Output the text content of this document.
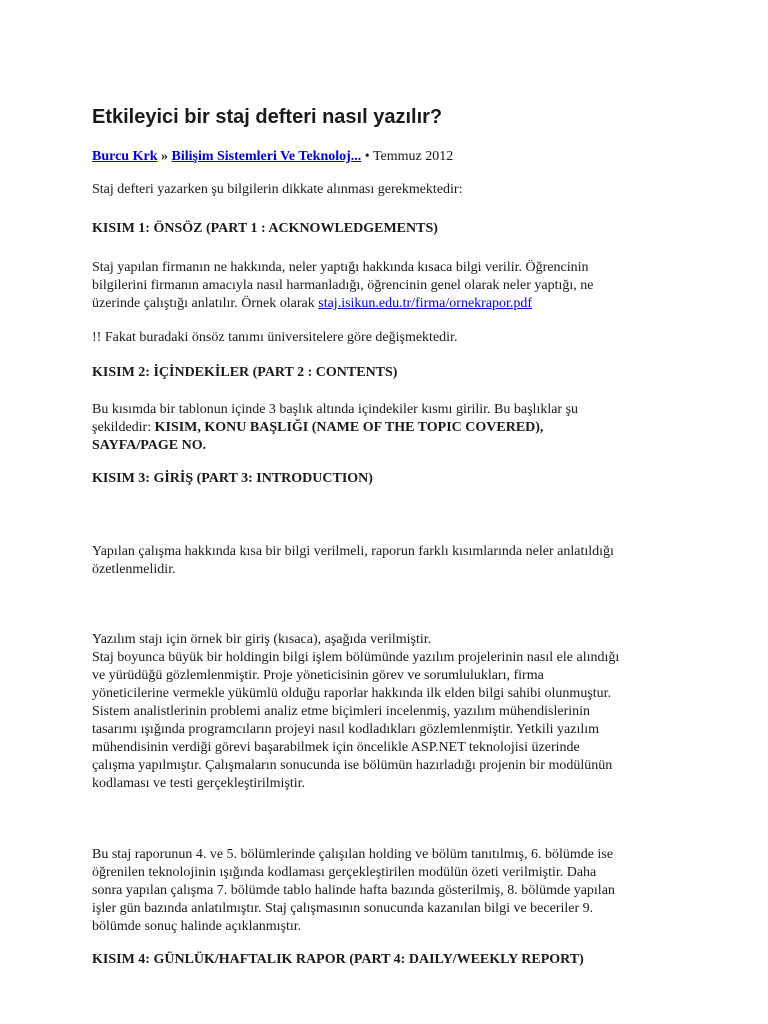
Etkileyici bir staj defteri nasıl yazılır?
Burcu Krk » Bilişim Sistemleri Ve Teknoloj... • Temmuz 2012

Staj defteri yazarken şu bilgilerin dikkate alınması gerekmektedir:

KISIM 1: ÖNSÖZ (PART 1 : ACKNOWLEDGEMENTS)

Staj yapılan firmanın ne hakkında, neler yaptığı hakkında kısaca bilgi verilir. Öğrencinin
bilgilerini firmanın amacıyla nasıl harmanladığı, öğrencinin genel olarak neler yaptığı, ne
üzerinde çalıştığı anlatılır. Örnek olarak staj.isikun.edu.tr/firma/ornekrapor.pdf

!! Fakat buradaki önsöz tanımı üniversitelere göre değişmektedir.

KISIM 2: İÇİNDEKİLER (PART 2 : CONTENTS)

Bu kısımda bir tablonun içinde 3 başlık altında içindekiler kısmı girilir. Bu başlıklar şu
şekildedir: KISIM, KONU BAŞLIĞI (NAME OF THE TOPIC COVERED),
SAYFA/PAGE NO.

KISIM 3: GİRİŞ (PART 3: INTRODUCTION)

Yapılan çalışma hakkında kısa bir bilgi verilmeli, raporun farklı kısımlarında neler anlatıldığı
özetlenmelidir.
Yazılım stajı için örnek bir giriş (kısaca), aşağıda verilmiştir.
Staj boyunca büyük bir holdingin bilgi işlem bölümünde yazılım projelerinin nasıl ele alındığı
ve yürüdüğü gözlemlenmiştir. Proje yöneticisinin görev ve sorumlulukları, firma
yöneticilerine vermekle yükümlü olduğu raporlar hakkında ilk elden bilgi sahibi olunmuştur.
Sistem analistlerinin problemi analiz etme biçimleri incelenmiş, yazılım mühendislerinin
tasarımı ışığında programcıların projeyi nasıl kodladıkları gözlemlenmiştir. Yetkili yazılım
mühendisinin verdiği görevi başarabilmek için öncelikle ASP.NET teknolojisi üzerinde
çalışma yapılmıştır. Çalışmaların sonucunda ise bölümün hazırladığı projenin bir modülünün
kodlaması ve testi gerçekleştirilmiştir.
Bu staj raporunun 4. ve 5. bölümlerinde çalışılan holding ve bölüm tanıtılmış, 6. bölümde ise
öğrenilen teknolojinin ışığında kodlaması gerçekleştirilen modülün özeti verilmiştir. Daha
sonra yapılan çalışma 7. bölümde tablo halinde hafta bazında gösterilmiş, 8. bölümde yapılan
işler gün bazında anlatılmıştır. Staj çalışmasının sonucunda kazanılan bilgi ve beceriler 9.
bölümde sonuç halinde açıklanmıştır.

KISIM 4: GÜNLÜK/HAFTALIK RAPOR (PART 4: DAILY/WEEKLY REPORT)
